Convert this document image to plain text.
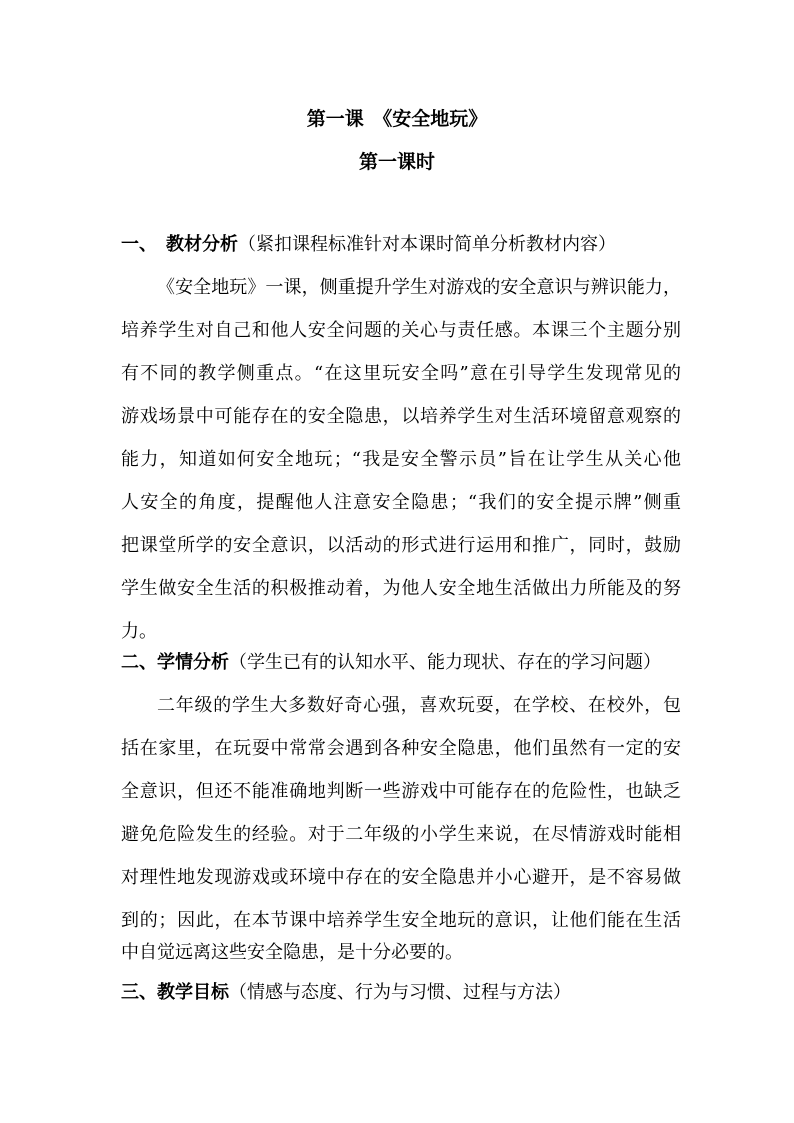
第一课　《安全地玩》
第一课时
一、　教材分析（紧扣课程标准针对本课时简单分析教材内容）
《安全地玩》一课，侧重提升学生对游戏的安全意识与辨识能力，
培养学生对自己和他人安全问题的关心与责任感。本课三个主题分别
有不同的教学侧重点。“在这里玩安全吗”意在引导学生发现常见的
游戏场景中可能存在的安全隐患，以培养学生对生活环境留意观察的
能力，知道如何安全地玩；“我是安全警示员”旨在让学生从关心他
人安全的角度，提醒他人注意安全隐患；“我们的安全提示牌”侧重
把课堂所学的安全意识，以活动的形式进行运用和推广，同时，鼓励
学生做安全生活的积极推动着，为他人安全地生活做出力所能及的努
力。
二、学情分析（学生已有的认知水平、能力现状、存在的学习问题）
二年级的学生大多数好奇心强，喜欢玩耍，在学校、在校外，包
括在家里，在玩耍中常常会遇到各种安全隐患，他们虽然有一定的安
全意识，但还不能准确地判断一些游戏中可能存在的危险性，也缺乏
避免危险发生的经验。对于二年级的小学生来说，在尽情游戏时能相
对理性地发现游戏或环境中存在的安全隐患并小心避开，是不容易做
到的；因此，在本节课中培养学生安全地玩的意识，让他们能在生活
中自觉远离这些安全隐患，是十分必要的。
三、教学目标（情感与态度、行为与习惯、过程与方法）
